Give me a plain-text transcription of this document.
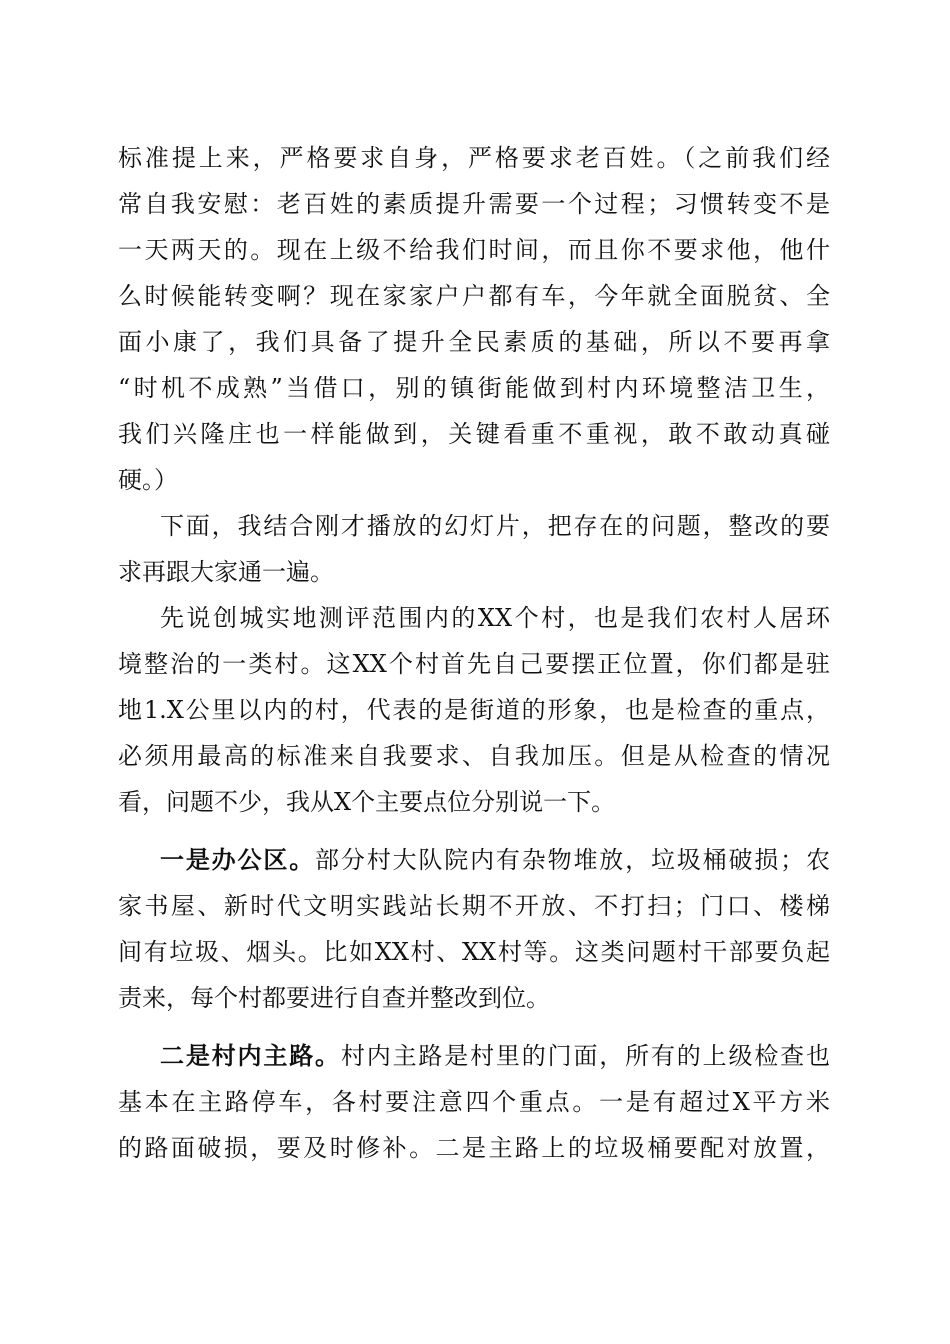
标准提上来，严格要求自身，严格要求老百姓。（之前我们经
常自我安慰：老百姓的素质提升需要一个过程；习惯转变不是
一天两天的。现在上级不给我们时间，而且你不要求他，他什
么时候能转变啊？现在家家户户都有车，今年就全面脱贫、全
面小康了，我们具备了提升全民素质的基础，所以不要再拿
“时机不成熟”当借口，别的镇街能做到村内环境整洁卫生，
我们兴隆庄也一样能做到，关键看重不重视，敢不敢动真碰
硬。）
下面，我结合刚才播放的幻灯片，把存在的问题，整改的要
求再跟大家通一遍。
先说创城实地测评范围内的XX个村，也是我们农村人居环
境整治的一类村。这XX个村首先自己要摆正位置，你们都是驻
地1.X公里以内的村，代表的是街道的形象，也是检查的重点，
必须用最高的标准来自我要求、自我加压。但是从检查的情况
看，问题不少，我从X个主要点位分别说一下。
一是办公区。部分村大队院内有杂物堆放，垃圾桶破损；农
家书屋、新时代文明实践站长期不开放、不打扫；门口、楼梯
间有垃圾、烟头。比如XX村、XX村等。这类问题村干部要负起
责来，每个村都要进行自查并整改到位。
二是村内主路。村内主路是村里的门面，所有的上级检查也
基本在主路停车，各村要注意四个重点。一是有超过X平方米
的路面破损，要及时修补。二是主路上的垃圾桶要配对放置，
